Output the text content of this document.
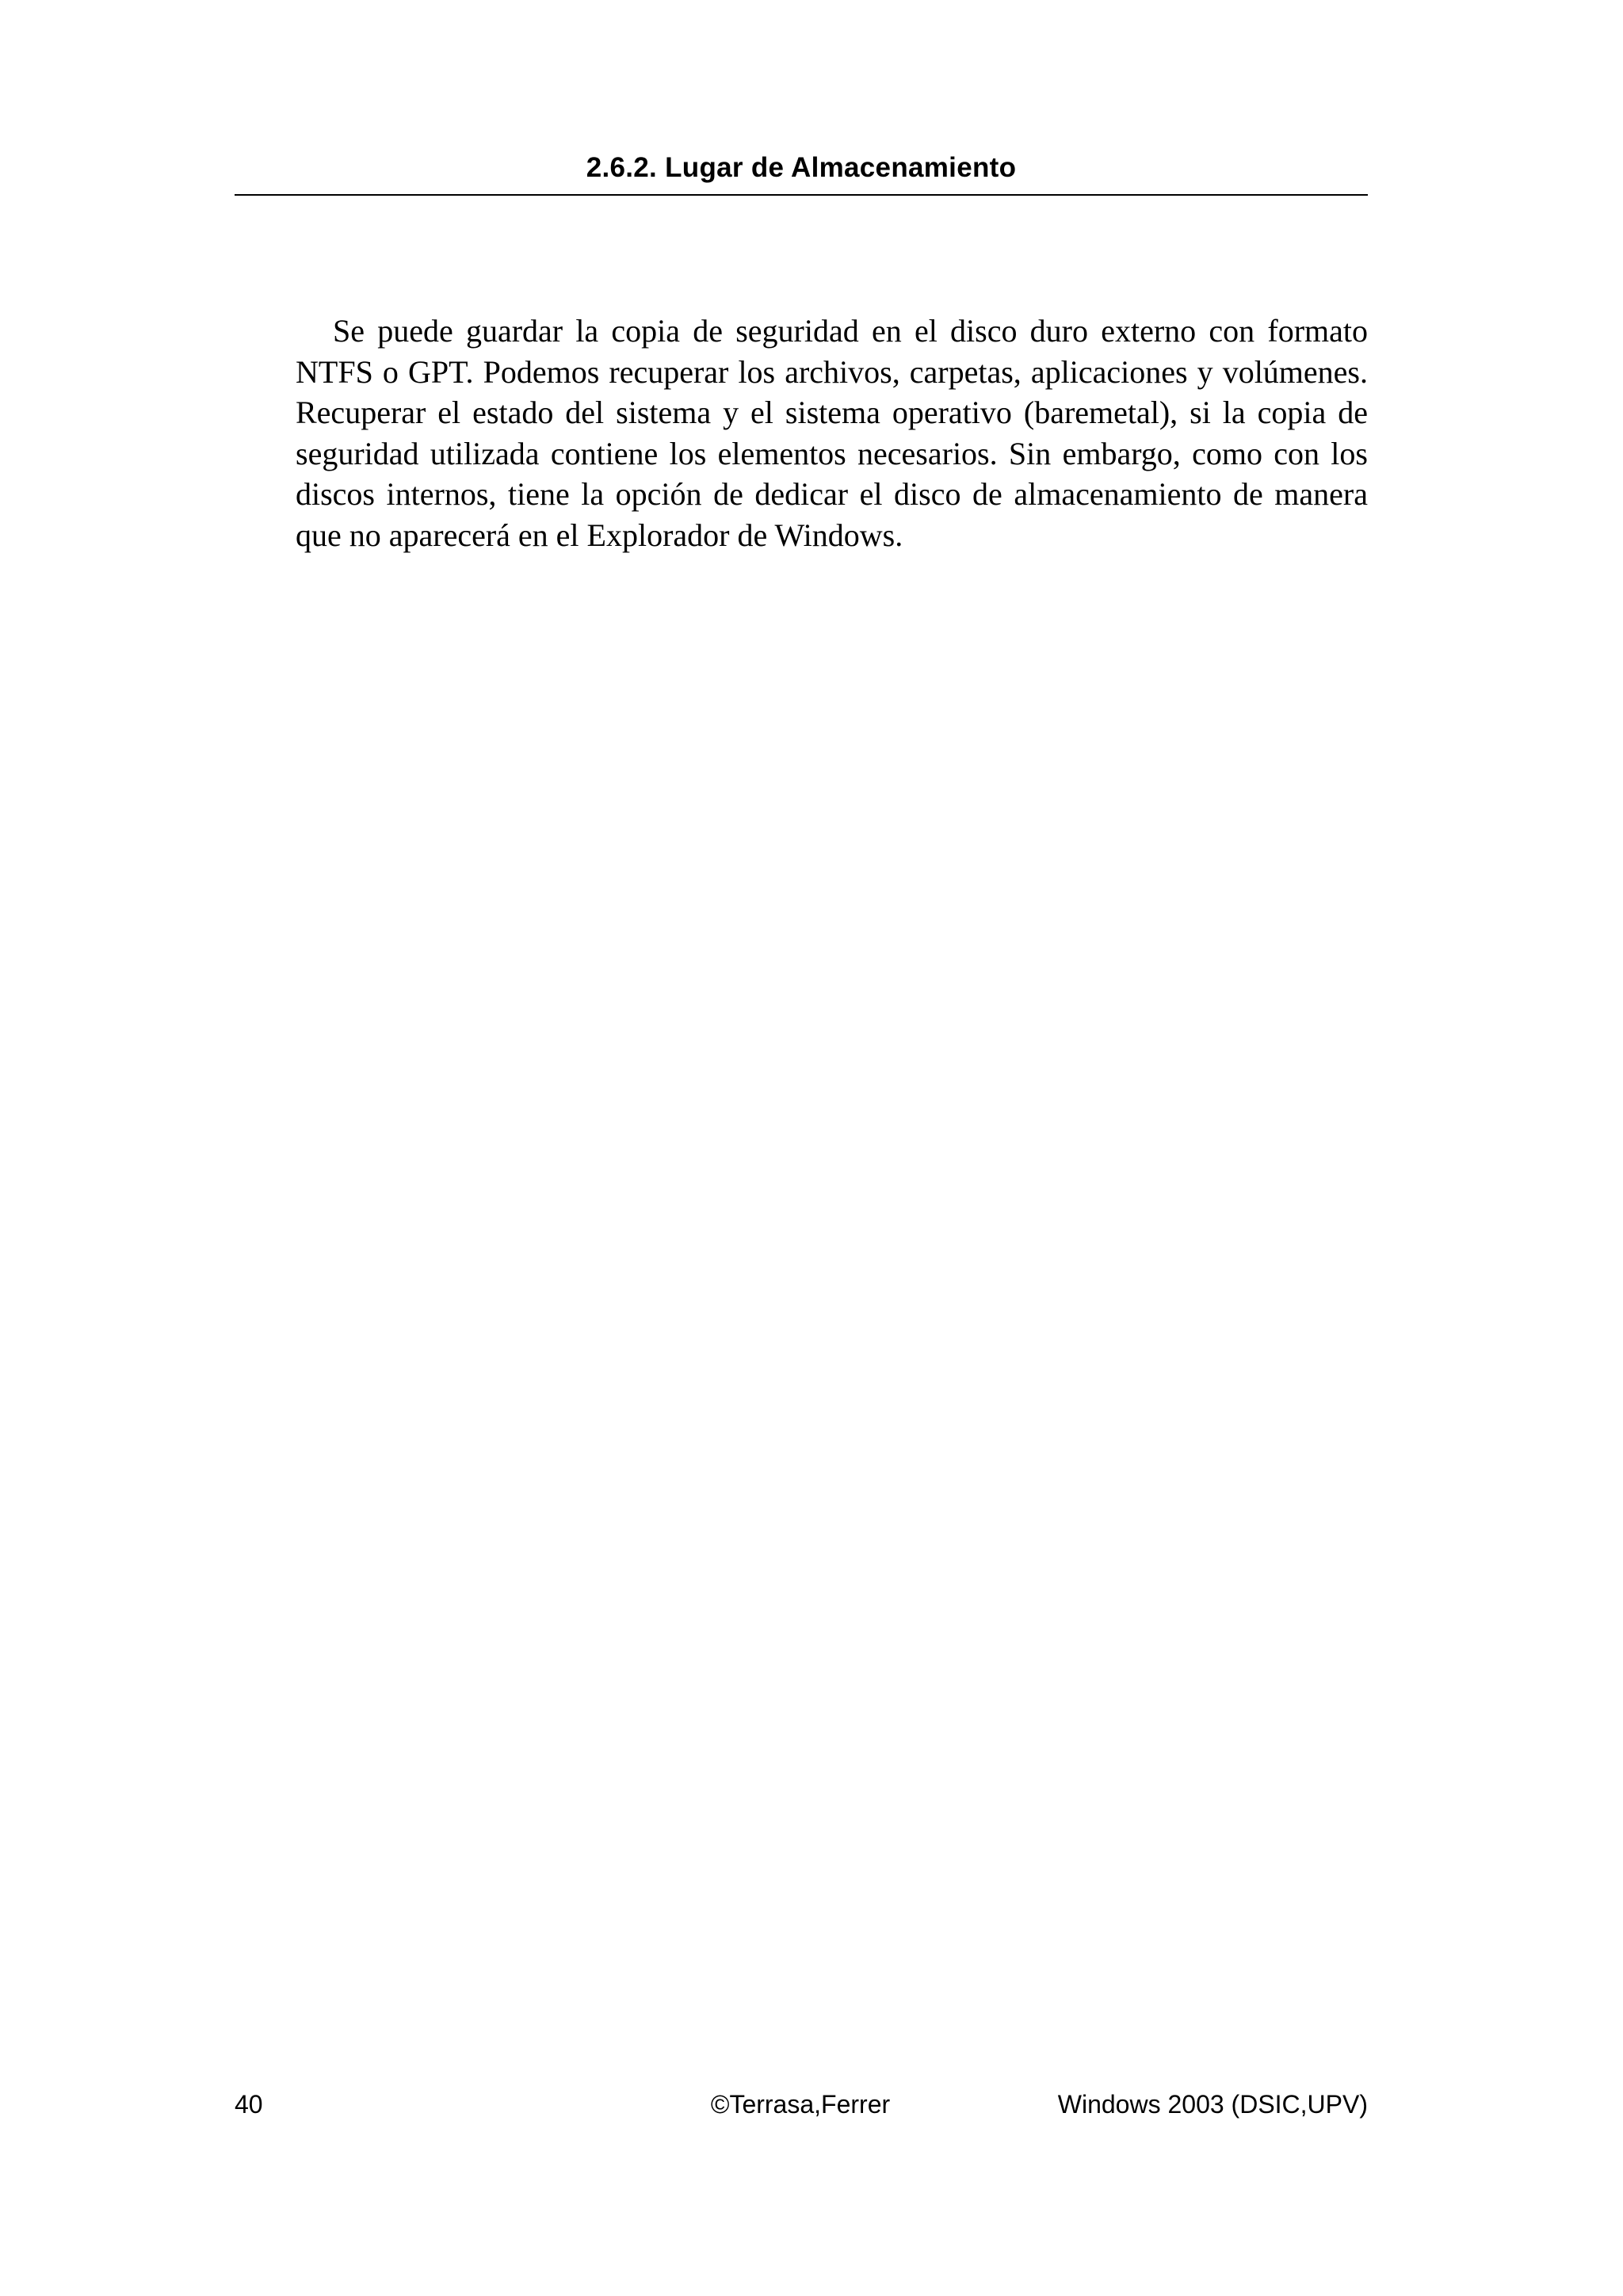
2.6.2. Lugar de Almacenamiento

Se puede guardar la copia de seguridad en el disco duro externo con formato NTFS o GPT. Podemos recuperar los archivos, carpetas, aplicaciones y volúmenes. Recuperar el estado del sistema y el sistema operativo (baremetal), si la copia de seguridad utilizada contiene los elementos necesarios. Sin embargo, como con los discos internos, tiene la opción de dedicar el disco de almacenamiento de manera que no aparecerá en el Explorador de Windows.

40	©Terrasa,Ferrer	Windows 2003 (DSIC,UPV)
